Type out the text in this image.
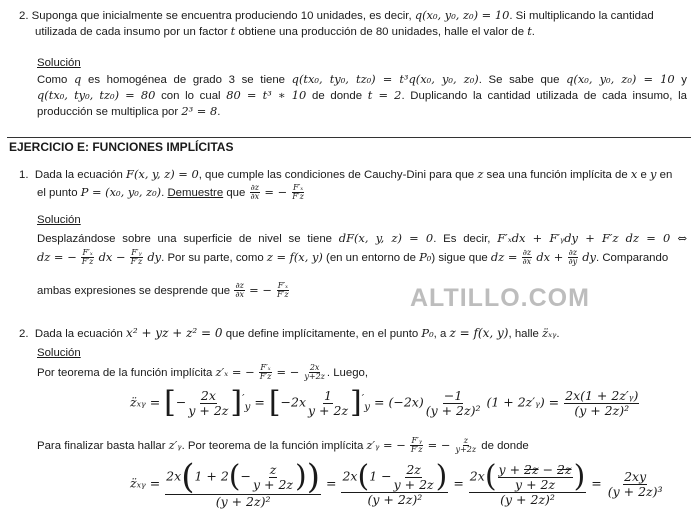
2. Suponga que inicialmente se encuentra produciendo 10 unidades, es decir, q(x₀, y₀, z₀) = 10. Si multiplicando la cantidad
utilizada de cada insumo por un factor t obtiene una producción de 80 unidades, halle el valor de t.
Solución
Como q es homogénea de grado 3 se tiene q(tx₀, ty₀, tz₀) = t³q(x₀, y₀, z₀). Se sabe que q(x₀, y₀, z₀) = 10 y
q(tx₀, ty₀, tz₀) = 80 con lo cual 80 = t³ ∗ 10 de donde t = 2. Duplicando la cantidad utilizada de cada insumo, la
producción se multiplica por 2³ = 8.
EJERCICIO E: FUNCIONES IMPLÍCITAS
1. Dada la ecuación F(x, y, z) = 0, que cumple las condiciones de Cauchy-Dini para que z sea una función implícita de x e y en
el punto P = (x₀, y₀, z₀). Demuestre que $\frac{\partial z}{\partial x}$ = − $\frac{\text{F′ₓ}}{F'z}$
Solución
Desplazándose sobre una superficie de nivel se tiene dF(x, y, z) = 0. Es decir, F′ₓdx + F′ᵧdy + F′z dz = 0 ⇔
dz = − $\frac{\text{F′ₓ}}{F'z}$ dx − $\frac{\text{F′ᵧ}}{F'z}$ dy. Por su parte, como z = f(x, y) (en un entorno de P₀) sigue que dz = $\frac{\partial z}{\partial x}$ dx + $\frac{\partial z}{\partial y}$ dy. Comparando
ambas expresiones se desprende que $\frac{\partial z}{\partial x}$ = − $\frac{\text{F′ₓ}}{F'z}$	ALTILLO.COM
2. Dada la ecuación x² + yz + z² = 0 que define implícitamente, en el punto P₀, a z = f(x, y), halle z̈ₓᵧ.
Solución
Por teorema de la función implícita z′ₓ = − $\frac{\text{F′ₓ}}{F'z}$ = − $\frac{2x}{y+2z}$ . Luego,
z̈ₓᵧ = [− $\frac{2x}{y + 2z} ]'_y = [-2x \frac{1}{y + 2z} ]'_y = (-2x) \frac{-1}{\text{(y + 2z)²}} (1$ + 2z′ᵧ) = $\frac{\text{2x(1 + 2z′ᵧ)}}{\text{(y + 2z)²}}$
Para finalizar basta hallar z′ᵧ. Por teorema de la función implícita z′ᵧ = − $\frac{\text{F′ᵧ}}{F'z}$ = − $\frac{z}{y+2z}$ de donde
z̈ₓᵧ = $\frac{2x(1 + 2(- \frac{z}{y + 2z} ))}{\text{(y + 2z)²}} = \frac{2x(1 - \frac{2z}{y + 2z} )}{\text{(y + 2z)²}} = \frac{2x( \frac{y + 2z - 2z}{y + 2z} )}{\text{(y + 2z)²}} = \frac{2xy}{\text{(y + 2z)³}}$
